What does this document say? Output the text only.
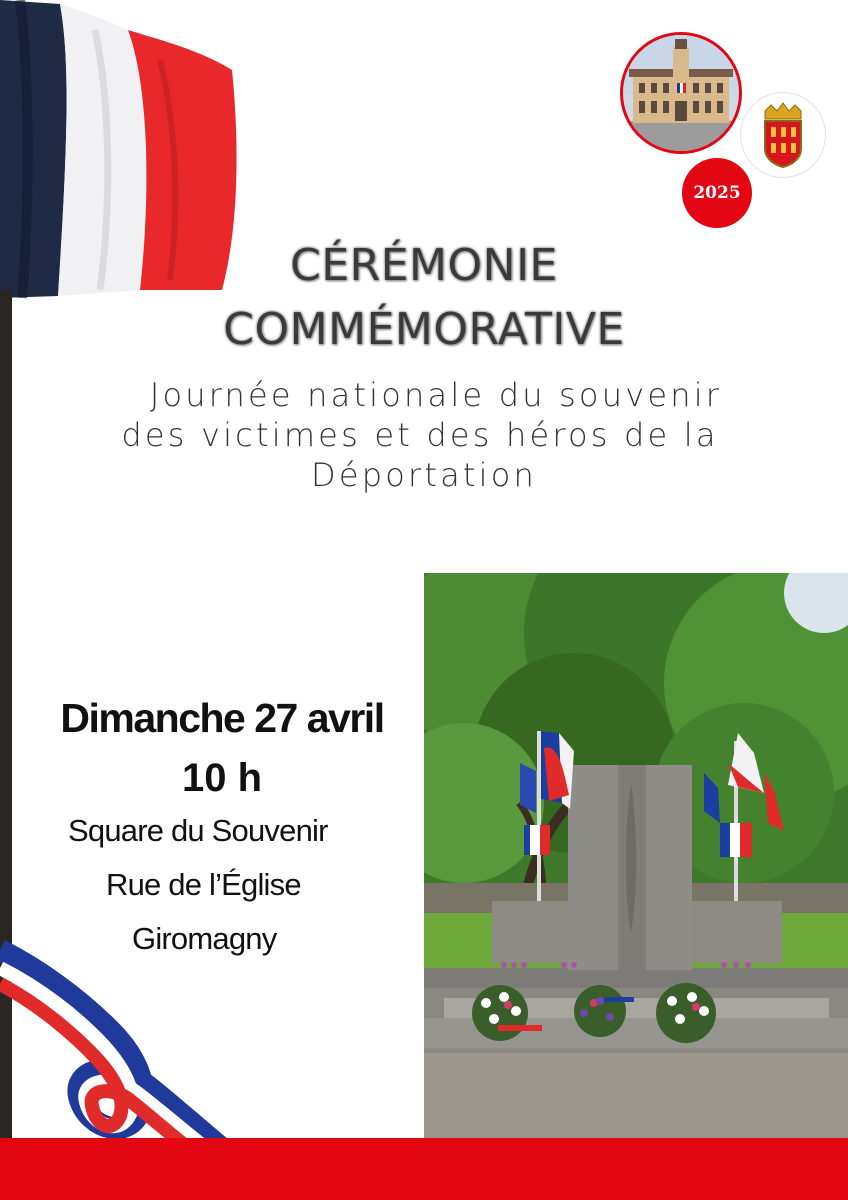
2025
CÉRÉMONIE
COMMÉMORATIVE
Journée nationale du souvenir
des victimes et des héros de la
Déportation
Dimanche 27 avril
10 h
Square du Souvenir
Rue de l’Église
Giromagny
